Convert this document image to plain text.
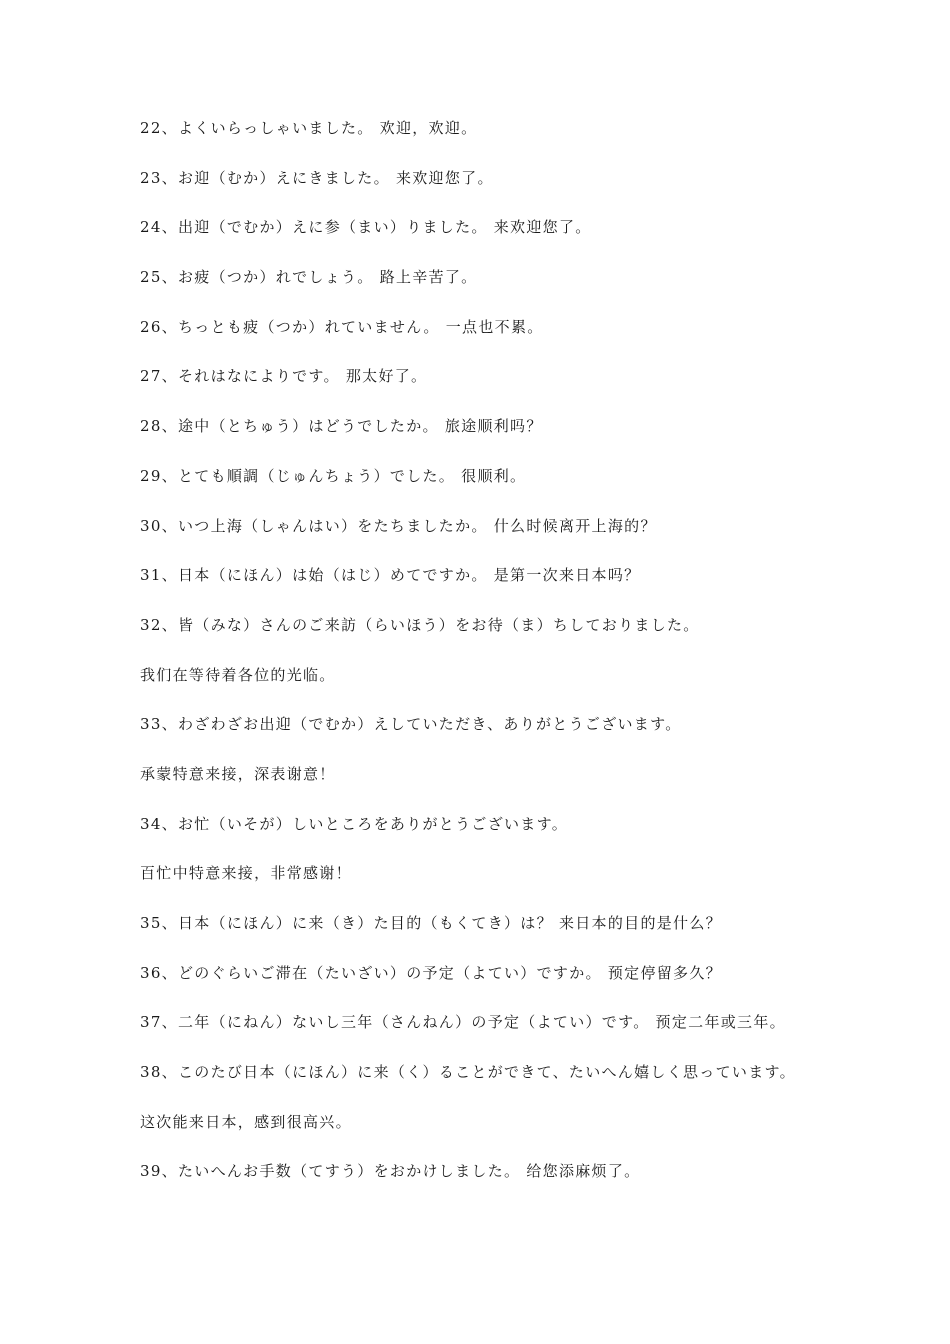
22、よくいらっしゃいました。 欢迎，欢迎。
23、お迎（むか）えにきました。 来欢迎您了。
24、出迎（でむか）えに参（まい）りました。 来欢迎您了。
25、お疲（つか）れでしょう。 路上辛苦了。
26、ちっとも疲（つか）れていません。 一点也不累。
27、それはなによりです。 那太好了。
28、途中（とちゅう）はどうでしたか。 旅途顺利吗？
29、とても順調（じゅんちょう）でした。 很顺利。
30、いつ上海（しゃんはい）をたちましたか。 什么时候离开上海的？
31、日本（にほん）は始（はじ）めてですか。 是第一次来日本吗？
32、皆（みな）さんのご来訪（らいほう）をお待（ま）ちしておりました。
我们在等待着各位的光临。
33、わざわざお出迎（でむか）えしていただき、ありがとうございます。
承蒙特意来接，深表谢意！
34、お忙（いそが）しいところをありがとうございます。
百忙中特意来接，非常感谢！
35、日本（にほん）に来（き）た目的（もくてき）は？ 来日本的目的是什么？
36、どのぐらいご滞在（たいざい）の予定（よてい）ですか。 预定停留多久？
37、二年（にねん）ないし三年（さんねん）の予定（よてい）です。 预定二年或三年。
38、このたび日本（にほん）に来（く）ることができて、たいへん嬉しく思っています。
这次能来日本，感到很高兴。
39、たいへんお手数（てすう）をおかけしました。 给您添麻烦了。
